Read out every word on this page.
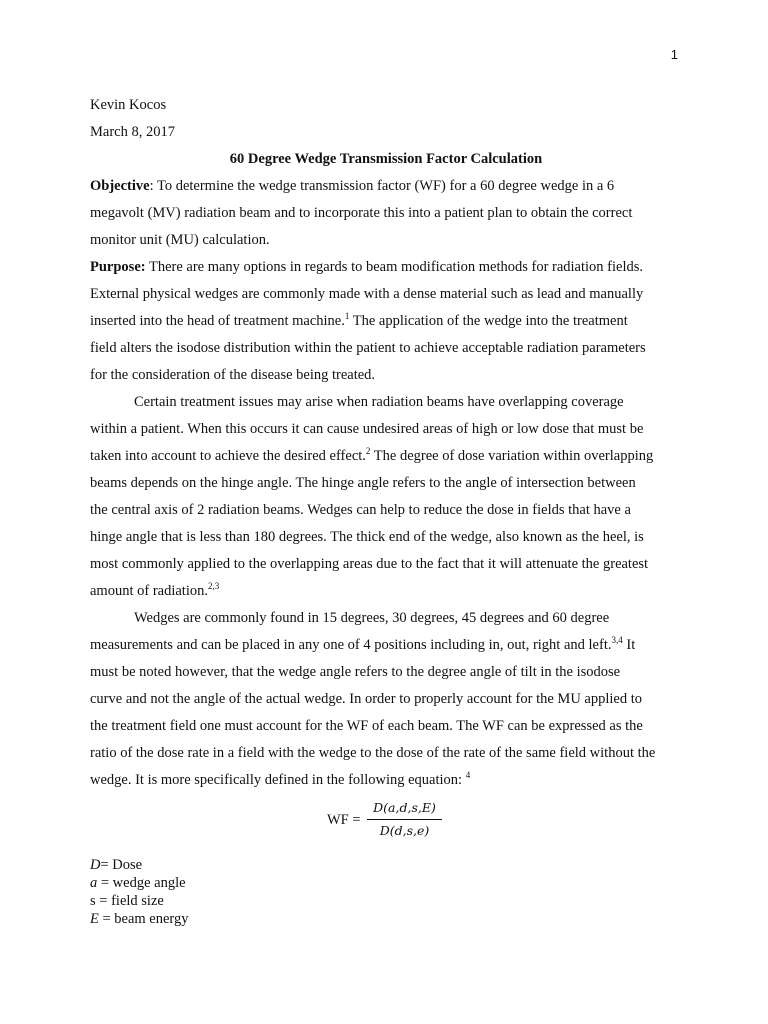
1
Kevin Kocos
March 8, 2017
60 Degree Wedge Transmission Factor Calculation
Objective: To determine the wedge transmission factor (WF) for a 60 degree wedge in a 6
megavolt (MV) radiation beam and to incorporate this into a patient plan to obtain the correct
monitor unit (MU) calculation.
Purpose: There are many options in regards to beam modification methods for radiation fields.
External physical wedges are commonly made with a dense material such as lead and manually
inserted into the head of treatment machine.$^1$ The application of the wedge into the treatment
field alters the isodose distribution within the patient to achieve acceptable radiation parameters
for the consideration of the disease being treated.
Certain treatment issues may arise when radiation beams have overlapping coverage
within a patient. When this occurs it can cause undesired areas of high or low dose that must be
taken into account to achieve the desired effect.$^2$ The degree of dose variation within overlapping
beams depends on the hinge angle. The hinge angle refers to the angle of intersection between
the central axis of 2 radiation beams. Wedges can help to reduce the dose in fields that have a
hinge angle that is less than 180 degrees. The thick end of the wedge, also known as the heel, is
most commonly applied to the overlapping areas due to the fact that it will attenuate the greatest
amount of radiation.$^{2,3}$
Wedges are commonly found in 15 degrees, 30 degrees, 45 degrees and 60 degree
measurements and can be placed in any one of 4 positions including in, out, right and left.$^{3,4}$ It
must be noted however, that the wedge angle refers to the degree angle of tilt in the isodose
curve and not the angle of the actual wedge. In order to properly account for the MU applied to
the treatment field one must account for the WF of each beam. The WF can be expressed as the
ratio of the dose rate in a field with the wedge to the dose of the rate of the same field without the
wedge. It is more specifically defined in the following equation: $^4$
WF =
D(a,d,s,E)
D(d,s,e)
D= Dose
a = wedge angle
s = field size
E = beam energy
